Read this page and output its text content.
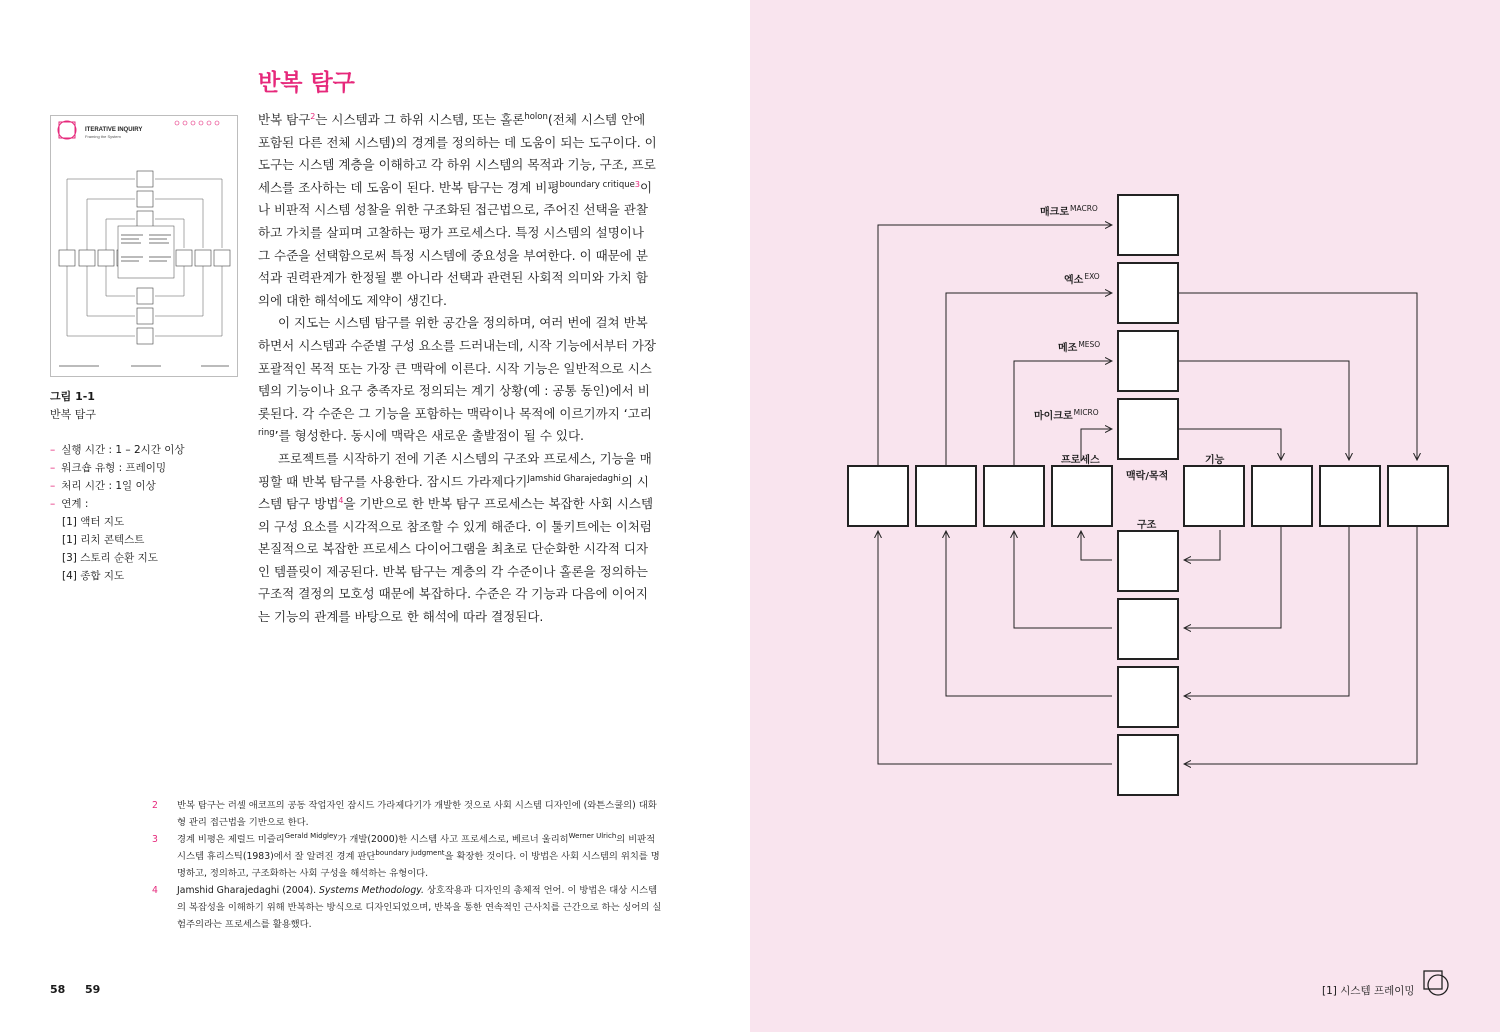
반복 탐구
ITERATIVE INQUIRY
Framing the System
그림 1-1
반복 탐구
– 실행 시간 : 1 – 2시간 이상
– 워크숍 유형 : 프레이밍
– 처리 시간 : 1일 이상
– 연계 :
[1] 액터 지도
[1] 리치 콘텍스트
[3] 스토리 순환 지도
[4] 종합 지도

반복 탐구$^2$는 시스템과 그 하위 시스템, 또는 홀론$^{holon}$(전체 시스템 안에 포함된 다른 전체 시스템)의 경계를 정의하는 데 도움이 되는 도구이다. 이 도구는 시스템 계층을 이해하고 각 하위 시스템의 목적과 기능, 구조, 프로세스를 조사하는 데 도움이 된다. 반복 탐구는 경계 비평$^{boundary critique3}$이나 비판적 시스템 성찰을 위한 구조화된 접근법으로, 주어진 선택을 관찰하고 가치를 살피며 고찰하는 평가 프로세스다. 특정 시스템의 설명이나 그 수준을 선택함으로써 특정 시스템에 중요성을 부여한다. 이 때문에 분석과 권력관계가 한정될 뿐 아니라 선택과 관련된 사회적 의미와 가치 함의에 대한 해석에도 제약이 생긴다.

이 지도는 시스템 탐구를 위한 공간을 정의하며, 여러 번에 걸쳐 반복하면서 시스템과 수준별 구성 요소를 드러내는데, 시작 기능에서부터 가장 포괄적인 목적 또는 가장 큰 맥락에 이른다. 시작 기능은 일반적으로 시스템의 기능이나 요구 충족자로 정의되는 계기 상황(예 : 공통 동인)에서 비롯된다. 각 수준은 그 기능을 포함하는 맥락이나 목적에 이르기까지 ‘고리$^{ring}$’를 형성한다. 동시에 맥락은 새로운 출발점이 될 수 있다.

프로젝트를 시작하기 전에 기존 시스템의 구조와 프로세스, 기능을 매핑할 때 반복 탐구를 사용한다. 잠시드 가라제다기$^{Jamshid Gharajedaghi}$의 시스템 탐구 방법$^4$을 기반으로 한 반복 탐구 프로세스는 복잡한 사회 시스템의 구성 요소를 시각적으로 참조할 수 있게 해준다. 이 툴키트에는 이처럼 본질적으로 복잡한 프로세스 다이어그램을 최초로 단순화한 시각적 디자인 템플릿이 제공된다. 반복 탐구는 계층의 각 수준이나 홀론을 정의하는 구조적 결정의 모호성 때문에 복잡하다. 수준은 각 기능과 다음에 이어지는 기능의 관계를 바탕으로 한 해석에 따라 결정된다.

2 반복 탐구는 러셀 애코프의 공동 작업자인 잠시드 가라제다기가 개발한 것으로 사회 시스템 디자인에 (와튼스쿨의) 대화형 관리 접근법을 기반으로 한다.
3 경계 비평은 제럴드 미즐리$^{Gerald Midgley}$가 개발(2000)한 시스템 사고 프로세스로, 베르너 울리히$^{Werner Ulrich}$의 비판적 시스템 휴리스틱(1983)에서 잘 알려진 경계 판단$^{boundary judgment}$을 확장한 것이다. 이 방법은 사회 시스템의 위치를 명명하고, 정의하고, 구조화하는 사회 구성을 해석하는 유형이다.
4 Jamshid Gharajedaghi (2004). Systems Methodology. 상호작용과 디자인의 총체적 언어. 이 방법은 대상 시스템의 복잡성을 이해하기 위해 반복하는 방식으로 디자인되었으며, 반복을 통한 연속적인 근사치를 근간으로 하는 싱어의 실험주의라는 프로세스를 활용했다.
58 59
매크로$^{MACRO}$
엑소$^{EXO}$
메조$^{MESO}$
마이크로$^{MICRO}$
프로세스
맥락/목적
기능
구조
[1] 시스템 프레이밍
